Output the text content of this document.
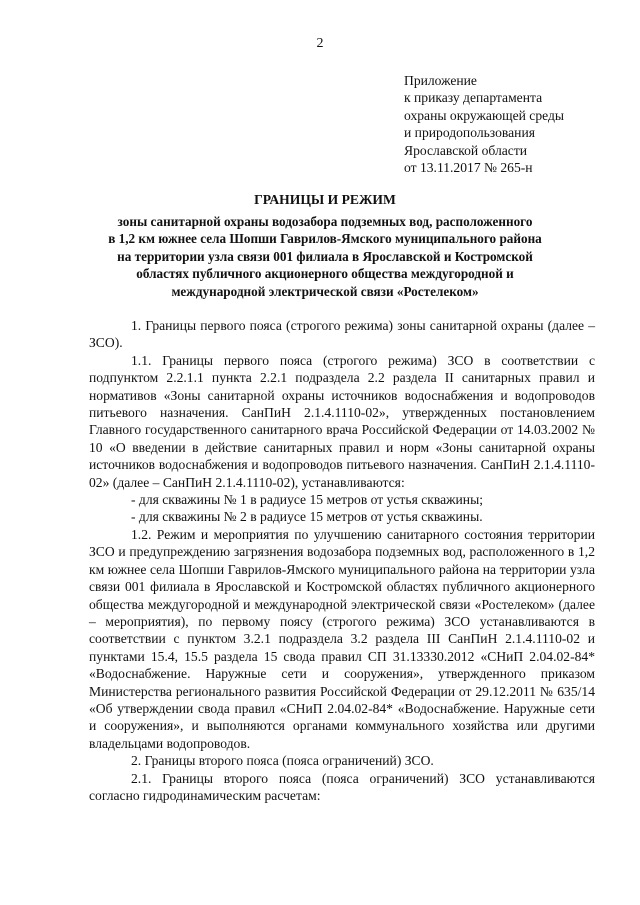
2
Приложение
к приказу департамента
охраны окружающей среды
и природопользования
Ярославской области
от 13.11.2017 № 265-н
ГРАНИЦЫ И РЕЖИМ
зоны санитарной охраны водозабора подземных вод, расположенного
в 1,2 км южнее села Шопши Гаврилов-Ямского муниципального района
на территории узла связи 001 филиала в Ярославской и Костромской
областях публичного акционерного общества междугородной и
международной электрической связи «Ростелеком»

1. Границы первого пояса (строгого режима) зоны санитарной охраны (далее – ЗСО).

1.1. Границы первого пояса (строгого режима) ЗСО в соответствии с подпунктом 2.2.1.1 пункта 2.2.1 подраздела 2.2 раздела II санитарных правил и нормативов «Зоны санитарной охраны источников водоснабжения и водопроводов питьевого назначения. СанПиН 2.1.4.1110-02», утвержденных постановлением Главного государственного санитарного врача Российской Федерации от 14.03.2002 № 10 «О введении в действие санитарных правил и норм «Зоны санитарной охраны источников водоснабжения и водопроводов питьевого назначения. СанПиН 2.1.4.1110-02» (далее – СанПиН 2.1.4.1110-02), устанавливаются:

- для скважины № 1 в радиусе 15 метров от устья скважины;

- для скважины № 2 в радиусе 15 метров от устья скважины.

1.2. Режим и мероприятия по улучшению санитарного состояния территории ЗСО и предупреждению загрязнения водозабора подземных вод, расположенного в 1,2 км южнее села Шопши Гаврилов-Ямского муниципального района на территории узла связи 001 филиала в Ярославской и Костромской областях публичного акционерного общества междугородной и международной электрической связи «Ростелеком» (далее – мероприятия), по первому поясу (строгого режима) ЗСО устанавливаются в соответствии с пунктом 3.2.1 подраздела 3.2 раздела III СанПиН 2.1.4.1110-02 и пунктами 15.4, 15.5 раздела 15 свода правил СП 31.13330.2012 «СНиП 2.04.02-84* «Водоснабжение. Наружные сети и сооружения», утвержденного приказом Министерства регионального развития Российской Федерации от 29.12.2011 № 635/14 «Об утверждении свода правил «СНиП 2.04.02-84* «Водоснабжение. Наружные сети и сооружения», и выполняются органами коммунального хозяйства или другими владельцами водопроводов.

2. Границы второго пояса (пояса ограничений) ЗСО.

2.1. Границы второго пояса (пояса ограничений) ЗСО устанавливаются согласно гидродинамическим расчетам:
